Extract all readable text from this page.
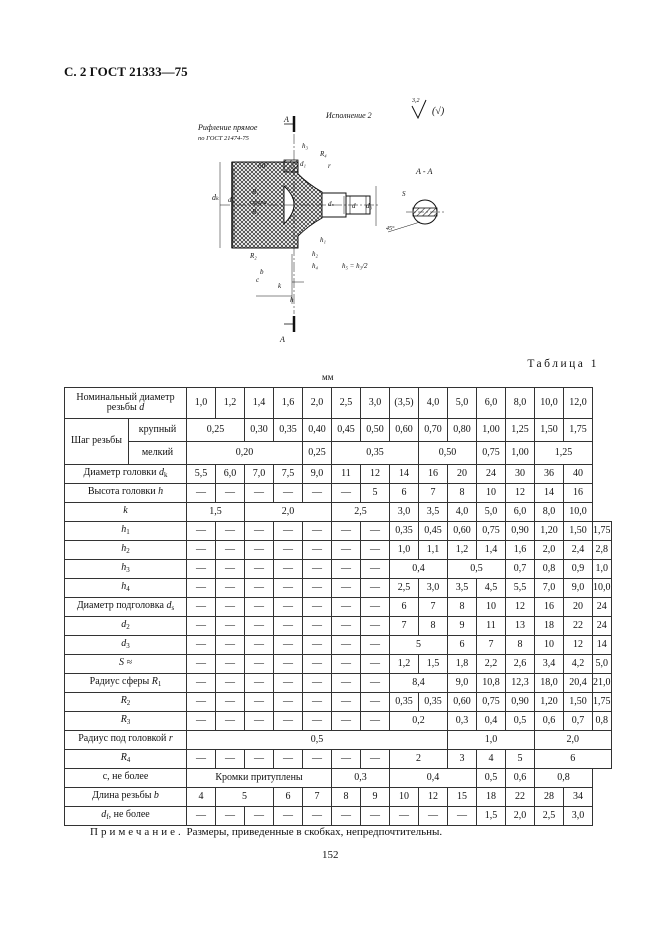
С. 2 ГОСТ 21333—75
Рифление прямое
по ГОСТ 21474-75
Исполнение 2
3,2
(√)
А
А
А - А
60°
h₃
R₄
r
dₖ d₂
R₁
сфера
R₃
R₂
d₁
dₛ	d d₃
h₁
h₂
h₄
k
h
b
c
h₅ = h₃/2
S
45°
Таблица 1
мм
Номинальный диаметр
резьбы d		1,0	1,2	1,4	1,6	2,0	2,5	3,0	(3,5)	4,0	5,0	6,0	8,0	10,0	12,0	
Шаг резьбы	крупный	0,25		0,30	0,35	0,40	0,45	0,50	0,60	0,70	0,80	1,00	1,25	1,50	1,75	
	мелкий	0,20				0,25	0,35			0,50		0,75	1,00	1,25		
Диаметр головки $d_k$		5,5	6,0	7,0	7,5	9,0	11	12	14	16	20	24	30	36	40	
Высота головки h		—	—	—	—	—	—	5	6	7	8	10	12	14	16	
k		1,5		2,0			2,5		3,0	3,5	4,0	5,0	6,0	8,0	10,0	
$h_1$		—	—	—	—	—	—	—	0,35	0,45	0,60	0,75	0,90	1,20	1,50	1,75
$h_2$		—	—	—	—	—	—	—	1,0	1,1	1,2	1,4	1,6	2,0	2,4	2,8
$h_3$		—	—	—	—	—	—	—	0,4		0,5		0,7	0,8	0,9	1,0
$h_4$		—	—	—	—	—	—	—	2,5	3,0	3,5	4,5	5,5	7,0	9,0	10,0
Диаметр подголовка $d_s$		—	—	—	—	—	—	—	6	7	8	10	12	16	20	24
$d_2$		—	—	—	—	—	—	—	7	8	9	11	13	18	22	24
$d_3$		—	—	—	—	—	—	—	5		6	7	8	10	12	14
S ≈		—	—	—	—	—	—	—	1,2	1,5	1,8	2,2	2,6	3,4	4,2	5,0
Радиус сферы $R_1$		—	—	—	—	—	—	—	8,4		9,0	10,8	12,3	18,0	20,4	21,0
$R_2$		—	—	—	—	—	—	—	0,35	0,35	0,60	0,75	0,90	1,20	1,50	1,75
$R_3$		—	—	—	—	—	—	—	0,2		0,3	0,4	0,5	0,6	0,7	0,8
Радиус под головкой r		0,5									1,0			2,0		
$R_4$		—	—	—	—	—	—	—	2		3	4	5	6		
c, не более		Кромки притуплены					0,3		0,4			0,5	0,6	0,8		
Длина резьбы b		4	5		6	7	8	9	10	12	15	18	22	28	34	
$d_f$, не более		—	—	—	—	—	—	—	—	—	—	1,5	2,0	2,5	3,0	
Примечание. Размеры, приведенные в скобках, непредпочтительны.
152
